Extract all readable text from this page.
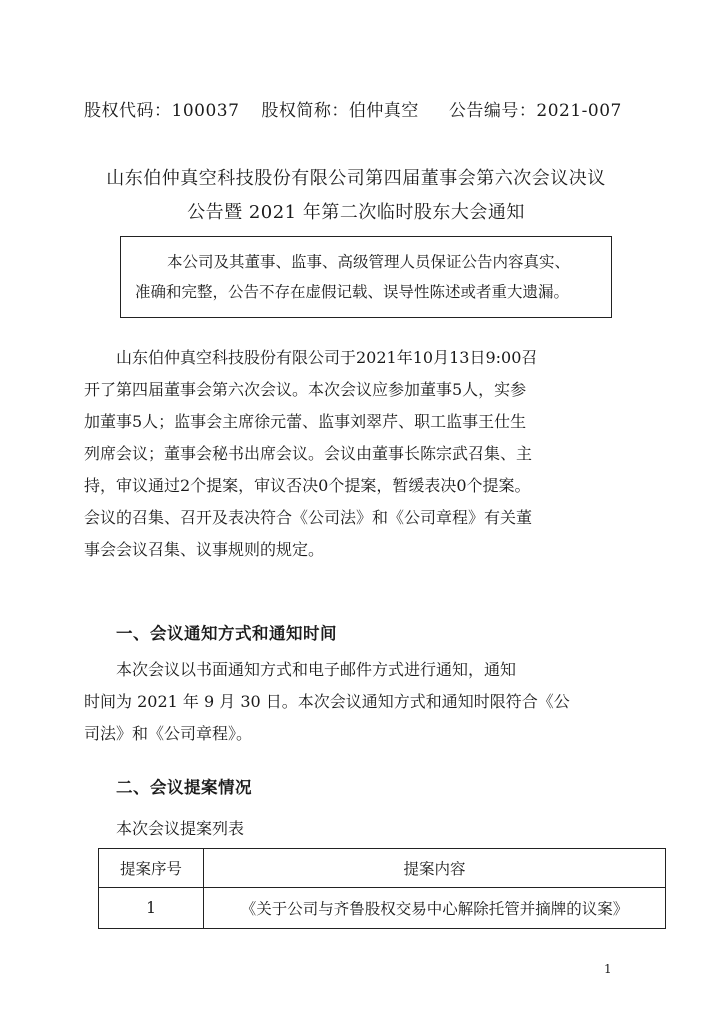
股权代码：100037 股权简称：伯仲真空 公告编号：2021-007
山东伯仲真空科技股份有限公司第四届董事会第六次会议决议
公告暨 2021 年第二次临时股东大会通知
本公司及其董事、监事、高级管理人员保证公告内容真实、
准确和完整，公告不存在虚假记载、误导性陈述或者重大遗漏。
山东伯仲真空科技股份有限公司于2021年10月13日9:00召
开了第四届董事会第六次会议。本次会议应参加董事5人，实参
加董事5人；监事会主席徐元蕾、监事刘翠芹、职工监事王仕生
列席会议；董事会秘书出席会议。会议由董事长陈宗武召集、主
持，审议通过2个提案，审议否决0个提案，暂缓表决0个提案。
会议的召集、召开及表决符合《公司法》和《公司章程》有关董
事会会议召集、议事规则的规定。
一、会议通知方式和通知时间
本次会议以书面通知方式和电子邮件方式进行通知，通知
时间为 2021 年 9 月 30 日。本次会议通知方式和通知时限符合《公
司法》和《公司章程》。
二、会议提案情况
本次会议提案列表
提案序号	提案内容
1	《关于公司与齐鲁股权交易中心解除托管并摘牌的议案》
1
